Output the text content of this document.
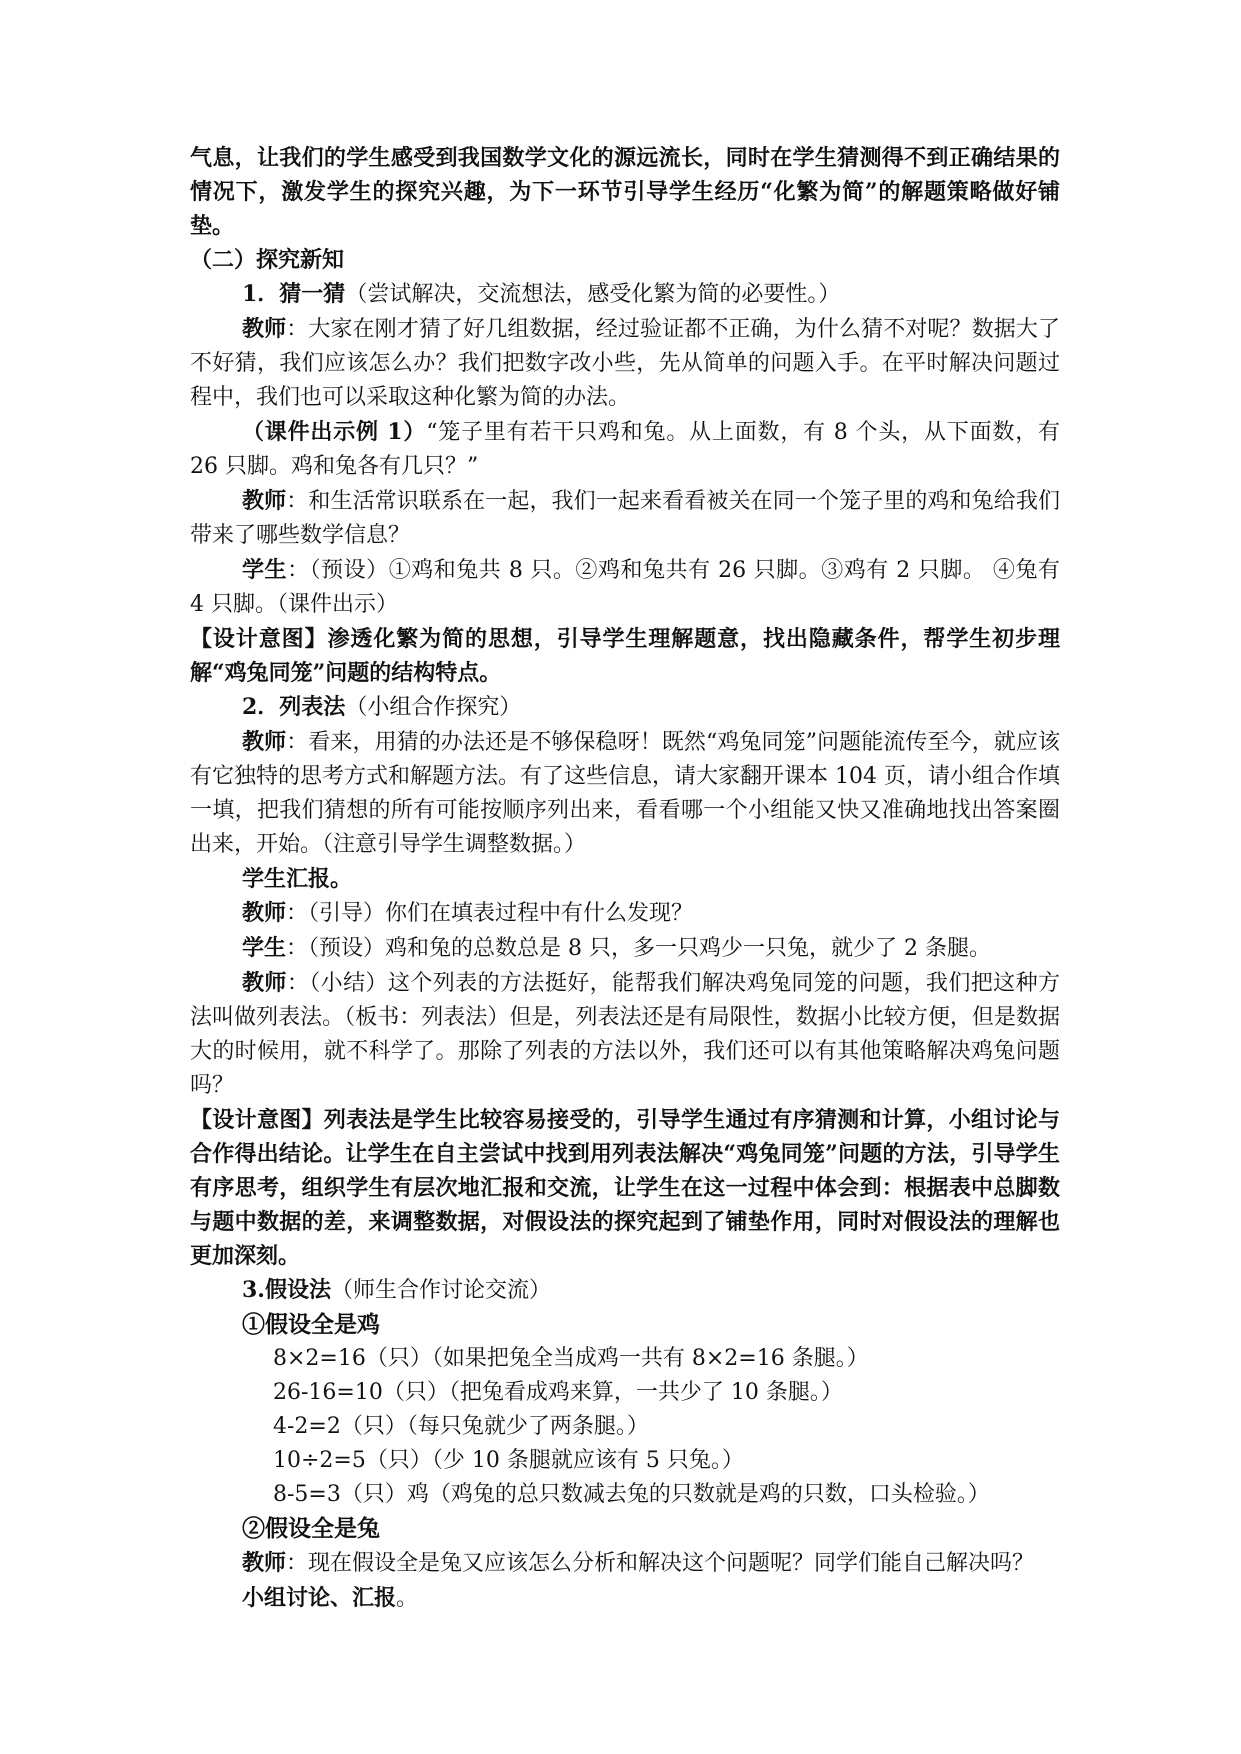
气息，让我们的学生感受到我国数学文化的源远流长，同时在学生猜测得不到正确结果的情况下，激发学生的探究兴趣，为下一环节引导学生经历“化繁为简”的解题策略做好铺垫。

（二）探究新知

1．猜一猜（尝试解决，交流想法，感受化繁为简的必要性。）

教师：大家在刚才猜了好几组数据，经过验证都不正确，为什么猜不对呢？数据大了不好猜，我们应该怎么办？我们把数字改小些，先从简单的问题入手。在平时解决问题过程中，我们也可以采取这种化繁为简的办法。

（课件出示例 1）“笼子里有若干只鸡和兔。从上面数，有 8 个头，从下面数，有 26 只脚。鸡和兔各有几只？”

教师：和生活常识联系在一起，我们一起来看看被关在同一个笼子里的鸡和兔给我们带来了哪些数学信息？

学生：（预设）①鸡和兔共 8 只。②鸡和兔共有 26 只脚。③鸡有 2 只脚。 ④兔有 4 只脚。（课件出示）

【设计意图】渗透化繁为简的思想，引导学生理解题意，找出隐藏条件，帮学生初步理解“鸡兔同笼”问题的结构特点。

2．列表法（小组合作探究）

教师：看来，用猜的办法还是不够保稳呀！既然“鸡兔同笼”问题能流传至今，就应该有它独特的思考方式和解题方法。有了这些信息，请大家翻开课本 104 页，请小组合作填一填，把我们猜想的所有可能按顺序列出来，看看哪一个小组能又快又准确地找出答案圈出来，开始。（注意引导学生调整数据。）

学生汇报。

教师：（引导）你们在填表过程中有什么发现？

学生：（预设）鸡和兔的总数总是 8 只，多一只鸡少一只兔，就少了 2 条腿。

教师：（小结）这个列表的方法挺好，能帮我们解决鸡兔同笼的问题，我们把这种方法叫做列表法。（板书：列表法）但是，列表法还是有局限性，数据小比较方便，但是数据大的时候用，就不科学了。那除了列表的方法以外，我们还可以有其他策略解决鸡兔问题吗？

【设计意图】列表法是学生比较容易接受的，引导学生通过有序猜测和计算，小组讨论与合作得出结论。让学生在自主尝试中找到用列表法解决“鸡兔同笼”问题的方法，引导学生有序思考，组织学生有层次地汇报和交流，让学生在这一过程中体会到：根据表中总脚数与题中数据的差，来调整数据，对假设法的探究起到了铺垫作用，同时对假设法的理解也更加深刻。

3.假设法（师生合作讨论交流）

①假设全是鸡

8×2=16（只）（如果把兔全当成鸡一共有 8×2=16 条腿。）

26-16=10（只）（把兔看成鸡来算，一共少了 10 条腿。）

4-2=2（只）（每只兔就少了两条腿。）

10÷2=5（只）（少 10 条腿就应该有 5 只兔。）

8-5=3（只）鸡（鸡兔的总只数减去兔的只数就是鸡的只数，口头检验。）

②假设全是兔

教师：现在假设全是兔又应该怎么分析和解决这个问题呢？同学们能自己解决吗？

小组讨论、汇报。
